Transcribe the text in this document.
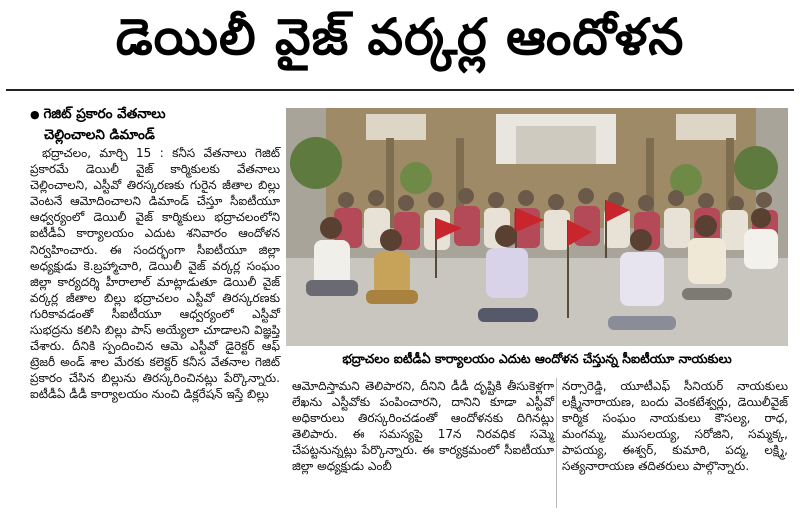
డెయిలీ వైజ్ వర్కర్ల ఆందోళన
● గెజిట్ ప్రకారం వేతనాలు
చెల్లించాలని డిమాండ్
భద్రాచలం, మార్చి 15 : కనీస వేతనాలు గెజిట్ ప్రకారమే డెయిలీ వైజ్ కార్మికులకు వేతనాలు చెల్లించాలని, ఎస్టీవో తిరస్కరణకు గురైన జీతాల బిల్లు వెంటనే ఆమోదించాలని డిమాండ్ చేస్తూ సీఐటీయూ ఆధ్వర్యంలో డెయిలీ వైజ్ కార్మికులు భద్రాచలంలోని ఐటీడీఏ కార్యాలయం ఎదుట శనివారం ఆందోళన నిర్వహించారు. ఈ సందర్భంగా సీఐటీయూ జిల్లా అధ్యక్షుడు కె.బ్రహ్మాచారి, డెయిలీ వైజ్ వర్కర్ల సంఘం జిల్లా కార్యదర్శి హీరాలాల్ మాట్లాడుతూ డెయిలీ వైజ్ వర్కర్ల జీతాల బిల్లు భద్రాచలం ఎస్టీవో తిరస్కరణకు గురికావడంతో సీఐటీయూ ఆధ్వర్యంలో ఎస్టీవో సుభద్రను కలిసి బిల్లు పాస్ అయ్యేలా చూడాలని విజ్ఞప్తి చేశారు. దీనికి స్పందించిన ఆమె ఎస్టీవో డైరెక్టర్ ఆఫ్ ట్రెజరీ అండ్ శాల మేరకు కలెక్టర్ కనీస వేతనాల గెజిట్ ప్రకారం చేసిన బిల్లును తిరస్కరించినట్లు పేర్కొన్నారు. ఐటీడీఏ డీడీ కార్యాలయం నుంచి డిక్లరేషన్ ఇస్తే బిల్లు
భద్రాచలం ఐటీడీఏ కార్యాలయం ఎదుట ఆందోళన చేస్తున్న సీఐటీయూ నాయకులు
ఆమోదిస్తామని తెలిపారని, దీనిని డీడీ దృష్టికి తీసుకెళ్లగా లేఖను ఎస్టీవోకు పంపించారని, దానిని కూడా ఎస్టీవో అధికారులు తిరస్కరించడంతో ఆందోళనకు దిగినట్లు తెలిపారు. ఈ సమస్యపై 17న నిరవధిక సమ్మె చేపట్టనున్నట్లు పేర్కొన్నారు. ఈ కార్యక్రమంలో సీఐటీయూ జిల్లా అధ్యక్షుడు ఎంబీ
నర్సారెడ్డి, యూటీఎఫ్ సీనియర్ నాయకులు లక్ష్మీనారాయణ, బందు వెంకటేశ్వర్లు, డెయిలీవైజ్ కార్మిక సంఘం నాయకులు కౌసల్య, రాధ, మంగమ్మ, ముసలయ్య, సరోజిని, సమ్మక్క, పాపయ్య, ఈశ్వర్, కుమారి, పద్మ, లక్ష్మి, సత్యనారాయణ తదితరులు పాల్గొన్నారు.
